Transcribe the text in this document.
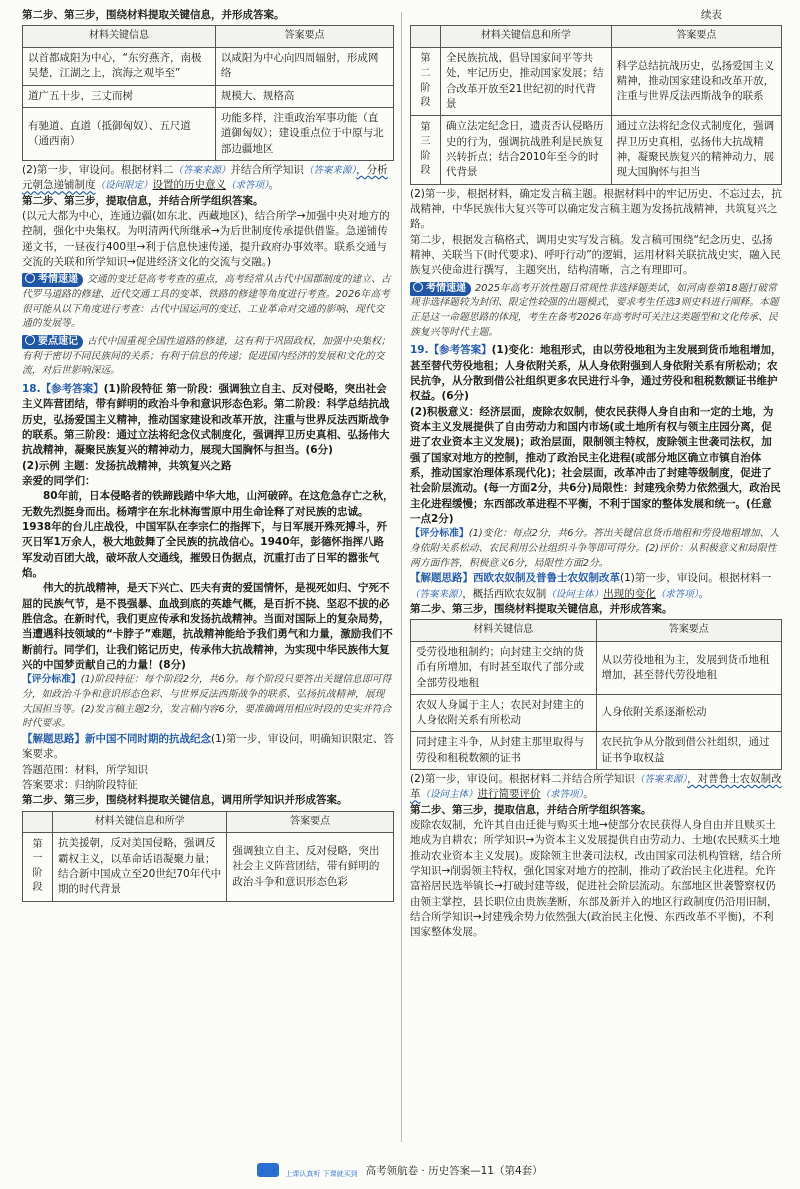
第二步、第三步，围绕材料提取关键信息，并形成答案。
材料关键信息	答案要点
以首都咸阳为中心，“东穷燕齐，南极吴楚，江湖之上，滨海之观毕至”	以咸阳为中心向四周辐射，形成网络
道广五十步，三丈而树	规模大、规格高
有驰道、直道（抵御匈奴）、五尺道（通西南）	功能多样，注重政治军事功能（直道御匈奴）；建设重点位于中原与北部边疆地区
(2)第一步，审设问。根据材料二（答案来源）并结合所学知识（答案来源），分析元朝急递铺制度（设问限定）设置的历史意义（求答项）。
第二步、第三步，提取信息，并结合所学组织答案。
(以元大都为中心，连通边疆(如东北、西藏地区)，结合所学→加强中央对地方的控制，强化中央集权。为明清两代所继承→为后世制度传承提供借鉴。急递铺传递文书，一昼夜行400里→利于信息快速传递，提升政府办事效率。联系交通与交流的关联和所学知识→促进经济文化的交流与交融。)
考情速递 交通的变迁是高考考查的重点，高考经常从古代中国郡制度的建立、古代罗马道路的修建、近代交通工具的变革、铁路的修建等角度进行考查。2026年高考很可能从以下角度进行考查：古代中国运河的变迁、工业革命对交通的影响、现代交通的发展等。
要点速记 古代中国重视全国性道路的修建，这有利于巩固政权，加强中央集权；有利于密切不同民族间的关系；有利于信息的传递；促进国内经济的发展和文化的交流，对后世影响深远。
18.【参考答案】(1)阶段特征 第一阶段：强调独立自主、反对侵略，突出社会主义阵营团结，带有鲜明的政治斗争和意识形态色彩。第二阶段：科学总结抗战历史，弘扬爱国主义精神，推动国家建设和改革开放，注重与世界反法西斯战争的联系。第三阶段：通过立法将纪念仪式制度化，强调捍卫历史真相、弘扬伟大抗战精神，凝聚民族复兴的精神动力，展现大国胸怀与担当。(6分)
(2)示例 主题：发扬抗战精神，共筑复兴之路
亲爱的同学们：
80年前，日本侵略者的铁蹄践踏中华大地，山河破碎。在这危急存亡之秋，无数先烈挺身而出。杨靖宇在东北林海雪原中用生命诠释了对民族的忠诚。1938年的台儿庄战役，中国军队在李宗仁的指挥下，与日军展开殊死搏斗，歼灭日军1万余人，极大地鼓舞了全民族的抗战信心。1940年，彭德怀指挥八路军发动百团大战，破坏敌人交通线，摧毁日伪据点，沉重打击了日军的嚣张气焰。
伟大的抗战精神，是天下兴亡、匹夫有责的爱国情怀，是视死如归、宁死不屈的民族气节，是不畏强暴、血战到底的英雄气概，是百折不挠、坚忍不拔的必胜信念。在新时代，我们更应传承和发扬抗战精神。当面对国际上的复杂局势，当遭遇科技领域的“卡脖子”难题，抗战精神能给予我们勇气和力量，激励我们不断前行。同学们，让我们铭记历史，传承伟大抗战精神，为实现中华民族伟大复兴的中国梦贡献自己的力量！(8分)
【评分标准】(1)阶段特征：每个阶段2分，共6分。每个阶段只要答出关键信息即可得分，如政治斗争和意识形态色彩、与世界反法西斯战争的联系、弘扬抗战精神，展现大国担当等。(2)发言稿主题2分，发言稿内容6分，要准确调用相应时段的史实并符合时代要求。
【解题思路】新中国不同时期的抗战纪念(1)第一步，审设问，明确知识限定、答案要求。
答题范围：材料，所学知识
答案要求：归纳阶段特征
第二步、第三步，围绕材料提取关键信息，调用所学知识并形成答案。
	材料关键信息和所学	答案要点
第一阶段	抗美援朝，反对美国侵略，强调反霸权主义，以革命话语凝聚力量；结合新中国成立至20世纪70年代中期的时代背景	强调独立自主、反对侵略，突出社会主义阵营团结，带有鲜明的政治斗争和意识形态色彩
续表
	材料关键信息和所学	答案要点
第二阶段	全民族抗战，倡导国家间平等共处，牢记历史，推动国家发展；结合改革开放至21世纪初的时代背景	科学总结抗战历史，弘扬爱国主义精神，推动国家建设和改革开放，注重与世界反法西斯战争的联系
第三阶段	确立法定纪念日，遗责否认侵略历史的行为，强调抗战胜利是民族复兴转折点；结合2010年至今的时代背景	通过立法将纪念仪式制度化，强调捍卫历史真相，弘扬伟大抗战精神，凝聚民族复兴的精神动力，展现大国胸怀与担当
(2)第一步，根据材料，确定发言稿主题。根据材料中的牢记历史、不忘过去，抗战精神，中华民族伟大复兴等可以确定发言稿主题为发扬抗战精神，共筑复兴之路。
第二步，根据发言稿格式，调用史实写发言稿。发言稿可围绕“纪念历史、弘扬精神、关联当下(时代要求)、呼吁行动”的逻辑，运用材料关联抗战史实，融入民族复兴使命进行撰写，主题突出，结构清晰，言之有理即可。
考情速递 2025年高考开放性题目常规性非选择题类试，如河南卷第18题打破常规非选择题较为封闭、限定性较强的出题模式，要求考生任选3则史料进行阐释。本题正是这一命题思路的体现，考生在备考2026年高考时可关注这类题型和文化传承、民族复兴等时代主题。
19.【参考答案】(1)变化：地租形式，由以劳役地租为主发展到货币地租增加，甚至替代劳役地租；人身依附关系，从人身依附强到人身依附关系有所松动；农民抗争，从分散到借公社组织更多农民进行斗争，通过劳役和租税数额证书维护权益。(6分)
(2)积极意义：经济层面，废除农奴制，使农民获得人身自由和一定的土地，为资本主义发展提供了自由劳动力和国内市场(或土地所有权与领主庄园分离，促进了农业资本主义发展)；政治层面，限制领主特权，废除领主世袭司法权，加强了国家对地方的控制，推动了政治民主化进程(或部分地区确立市镇自治体系，推动国家治理体系现代化)；社会层面，改革冲击了封建等级制度，促进了社会阶层流动。(每一方面2分，共6分)局限性：封建残余势力依然强大，政治民主化进程缓慢；东西部改革进程不平衡，不利于国家的整体发展和统一。(任意一点2分)
【评分标准】(1)变化：每点2分，共6分。答出关键信息货币地租和劳役地租增加、人身依附关系松动、农民利用公社组织斗争等即可得分。(2)评价：从积极意义和局限性两方面作答，积极意义6分，局限性方面2分。
【解题思路】西欧农奴制及普鲁士农奴制改革(1)第一步，审设问。根据材料一（答案来源），概括西欧农奴制（设问主体）出现的变化（求答项）。
第二步、第三步，围绕材料提取关键信息，并形成答案。
材料关键信息	答案要点
受劳役地租制约；向封建主交纳的货币有所增加，有时甚至取代了部分或全部劳役地租	从以劳役地租为主，发展到货币地租增加，甚至替代劳役地租
农奴人身属于主人；农民对封建主的人身依附关系有所松动	人身依附关系逐渐松动
同封建主斗争，从封建主那里取得与劳役和租税数额的证书	农民抗争从分散到借公社组织，通过证书争取权益
(2)第一步，审设问。根据材料二并结合所学知识（答案来源），对普鲁士农奴制改革（设问主体）进行简要评价（求答项）。
第二步、第三步，提取信息，并结合所学组织答案。
废除农奴制，允许其自由迁徙与购买土地→使部分农民获得人身自由并且赎买土地成为自耕农；所学知识→为资本主义发展提供自由劳动力、土地(农民赎买土地推动农业资本主义发展)。废除领主世袭司法权，改由国家司法机构管辖，结合所学知识→削弱领主特权，强化国家对地方的控制，推动了政治民主化进程。允许富裕居民选举镇长→打破封建等级，促进社会阶层流动。东部地区世袭警察权仍由领主掌控，县长职位由贵族垄断，东部及新并入的地区行政制度仍沿用旧制，结合所学知识→封建残余势力依然强大(政治民主化慢、东西改革不平衡)，不利国家整体发展。
上课认真听 下课就买到 高考领航卷 · 历史答案—11（第4套）
